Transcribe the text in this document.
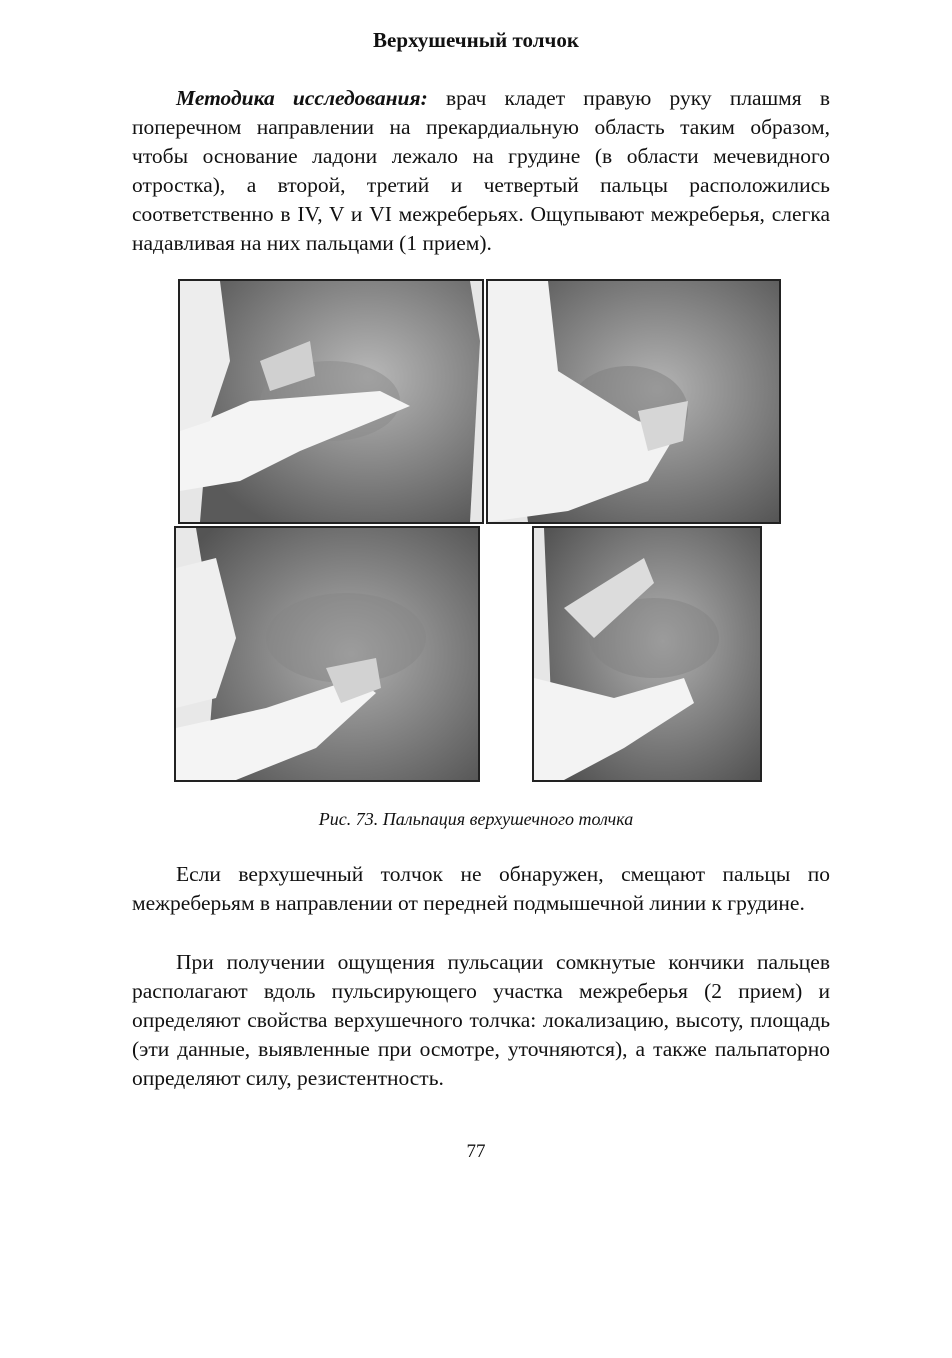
Верхушечный толчок

Методика исследования: врач кладет правую руку плашмя в поперечном направлении на прекардиальную область таким образом, чтобы основание ладони лежало на грудине (в области мечевидного отростка), а второй, третий и четвертый пальцы расположились соответственно в IV, V и VI межреберьях. Ощупывают межреберья, слегка надавливая на них пальцами (1 прием).

Рис. 73. Пальпация верхушечного толчка

Если верхушечный толчок не обнаружен, смещают пальцы по межреберьям в направлении от передней подмышечной линии к грудине.

При получении ощущения пульсации сомкнутые кончики пальцев располагают вдоль пульсирующего участка межреберья (2 прием) и определяют свойства верхушечного толчка: локализацию, высоту, площадь (эти данные, выявленные при осмотре, уточняются), а также пальпаторно определяют силу, резистентность.

77
